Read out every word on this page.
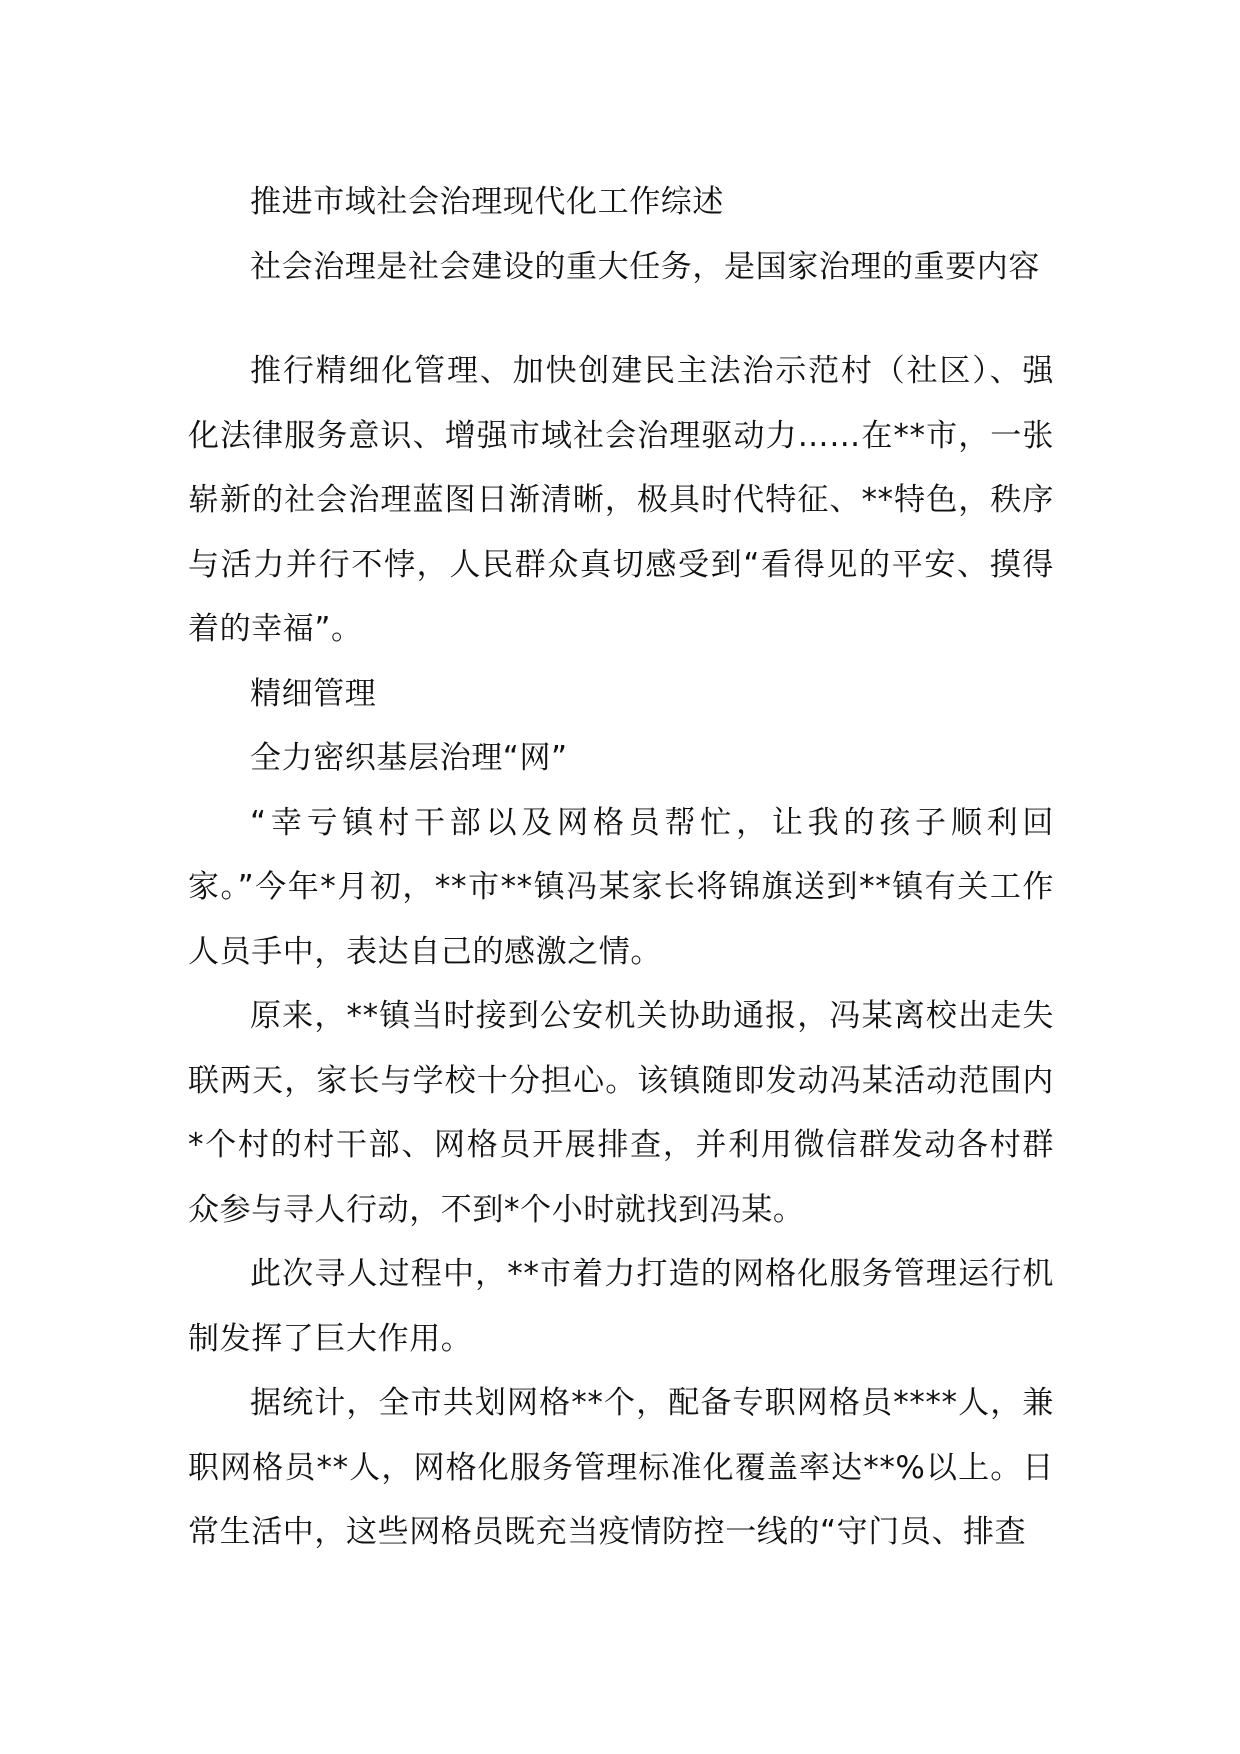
推进市域社会治理现代化工作综述

社会治理是社会建设的重大任务，是国家治理的重要内容

推行精细化管理、加快创建民主法治示范村（社区）、强化法律服务意识、增强市域社会治理驱动力……在**市，一张崭新的社会治理蓝图日渐清晰，极具时代特征、**特色，秩序与活力并行不悖，人民群众真切感受到“看得见的平安、摸得着的幸福”。

精细管理

全力密织基层治理“网”

“幸亏镇村干部以及网格员帮忙，让我的孩子顺利回家。”今年*月初，**市**镇冯某家长将锦旗送到**镇有关工作人员手中，表达自己的感激之情。

原来，**镇当时接到公安机关协助通报，冯某离校出走失联两天，家长与学校十分担心。该镇随即发动冯某活动范围内*个村的村干部、网格员开展排查，并利用微信群发动各村群众参与寻人行动，不到*个小时就找到冯某。

此次寻人过程中，**市着力打造的网格化服务管理运行机制发挥了巨大作用。

据统计，全市共划网格**个，配备专职网格员****人，兼职网格员**人，网格化服务管理标准化覆盖率达**%以上。日常生活中，这些网格员既充当疫情防控一线的“守门员、排查
